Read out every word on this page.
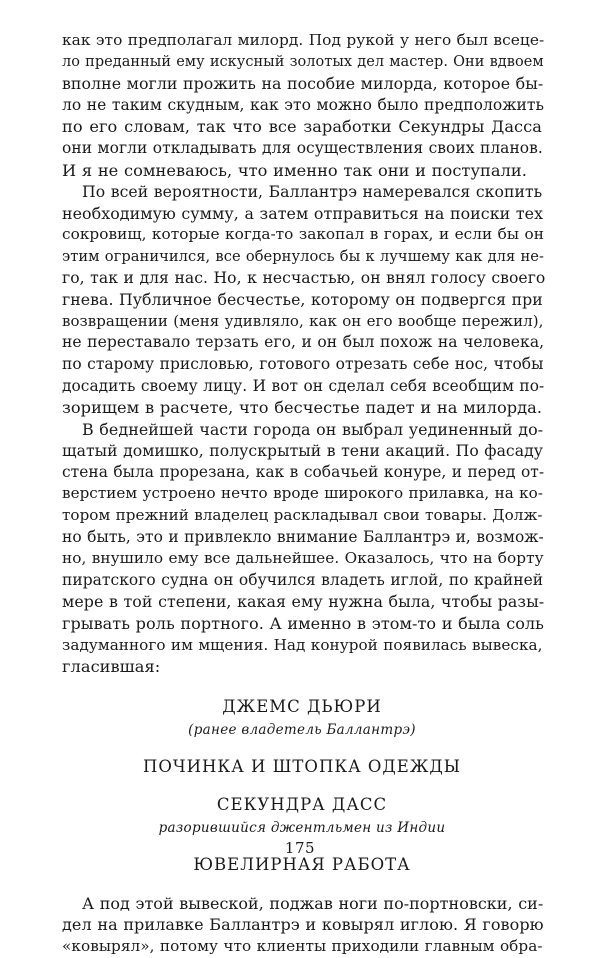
как это предполагал милорд. Под рукой у него был всеце-
ло преданный ему искусный золотых дел мастер. Они вдвоем
вполне могли прожить на пособие милорда, которое бы-
ло не таким скудным, как это можно было предположить
по его словам, так что все заработки Секундры Дасса
они могли откладывать для осуществления своих планов.
И я не сомневаюсь, что именно так они и поступали.

По всей вероятности, Баллантрэ намеревался скопить
необходимую сумму, а затем отправиться на поиски тех
сокровищ, которые когда-то закопал в горах, и если бы он
этим ограничился, все обернулось бы к лучшему как для не-
го, так и для нас. Но, к несчастью, он внял голосу своего
гнева. Публичное бесчестье, которому он подвергся при
возвращении (меня удивляло, как он его вообще пережил),
не переставало терзать его, и он был похож на человека,
по старому присловью, готового отрезать себе нос, чтобы
досадить своему лицу. И вот он сделал себя всеобщим по-
зорищем в расчете, что бесчестье падет и на милорда.

В беднейшей части города он выбрал уединенный до-
щатый домишко, полускрытый в тени акаций. По фасаду
стена была прорезана, как в собачьей конуре, и перед от-
верстием устроено нечто вроде широкого прилавка, на ко-
тором прежний владелец раскладывал свои товары. Долж-
но быть, это и привлекло внимание Баллантрэ и, возмож-
но, внушило ему все дальнейшее. Оказалось, что на борту
пиратского судна он обучился владеть иглой, по крайней
мере в той степени, какая ему нужна была, чтобы разы-
грывать роль портного. А именно в этом-то и была соль
задуманного им мщения. Над конурой появилась вывеска,
гласившая:

ДЖЕМС ДЬЮРИ

(ранее владетель Баллантрэ)

ПОЧИНКА И ШТОПКА ОДЕЖДЫ

СЕКУНДРА ДАСС

разорившийся джентльмен из Индии

ЮВЕЛИРНАЯ РАБОТА

А под этой вывеской, поджав ноги по-портновски, си-
дел на прилавке Баллантрэ и ковырял иглою. Я говорю
«ковырял», потому что клиенты приходили главным обра-

175
